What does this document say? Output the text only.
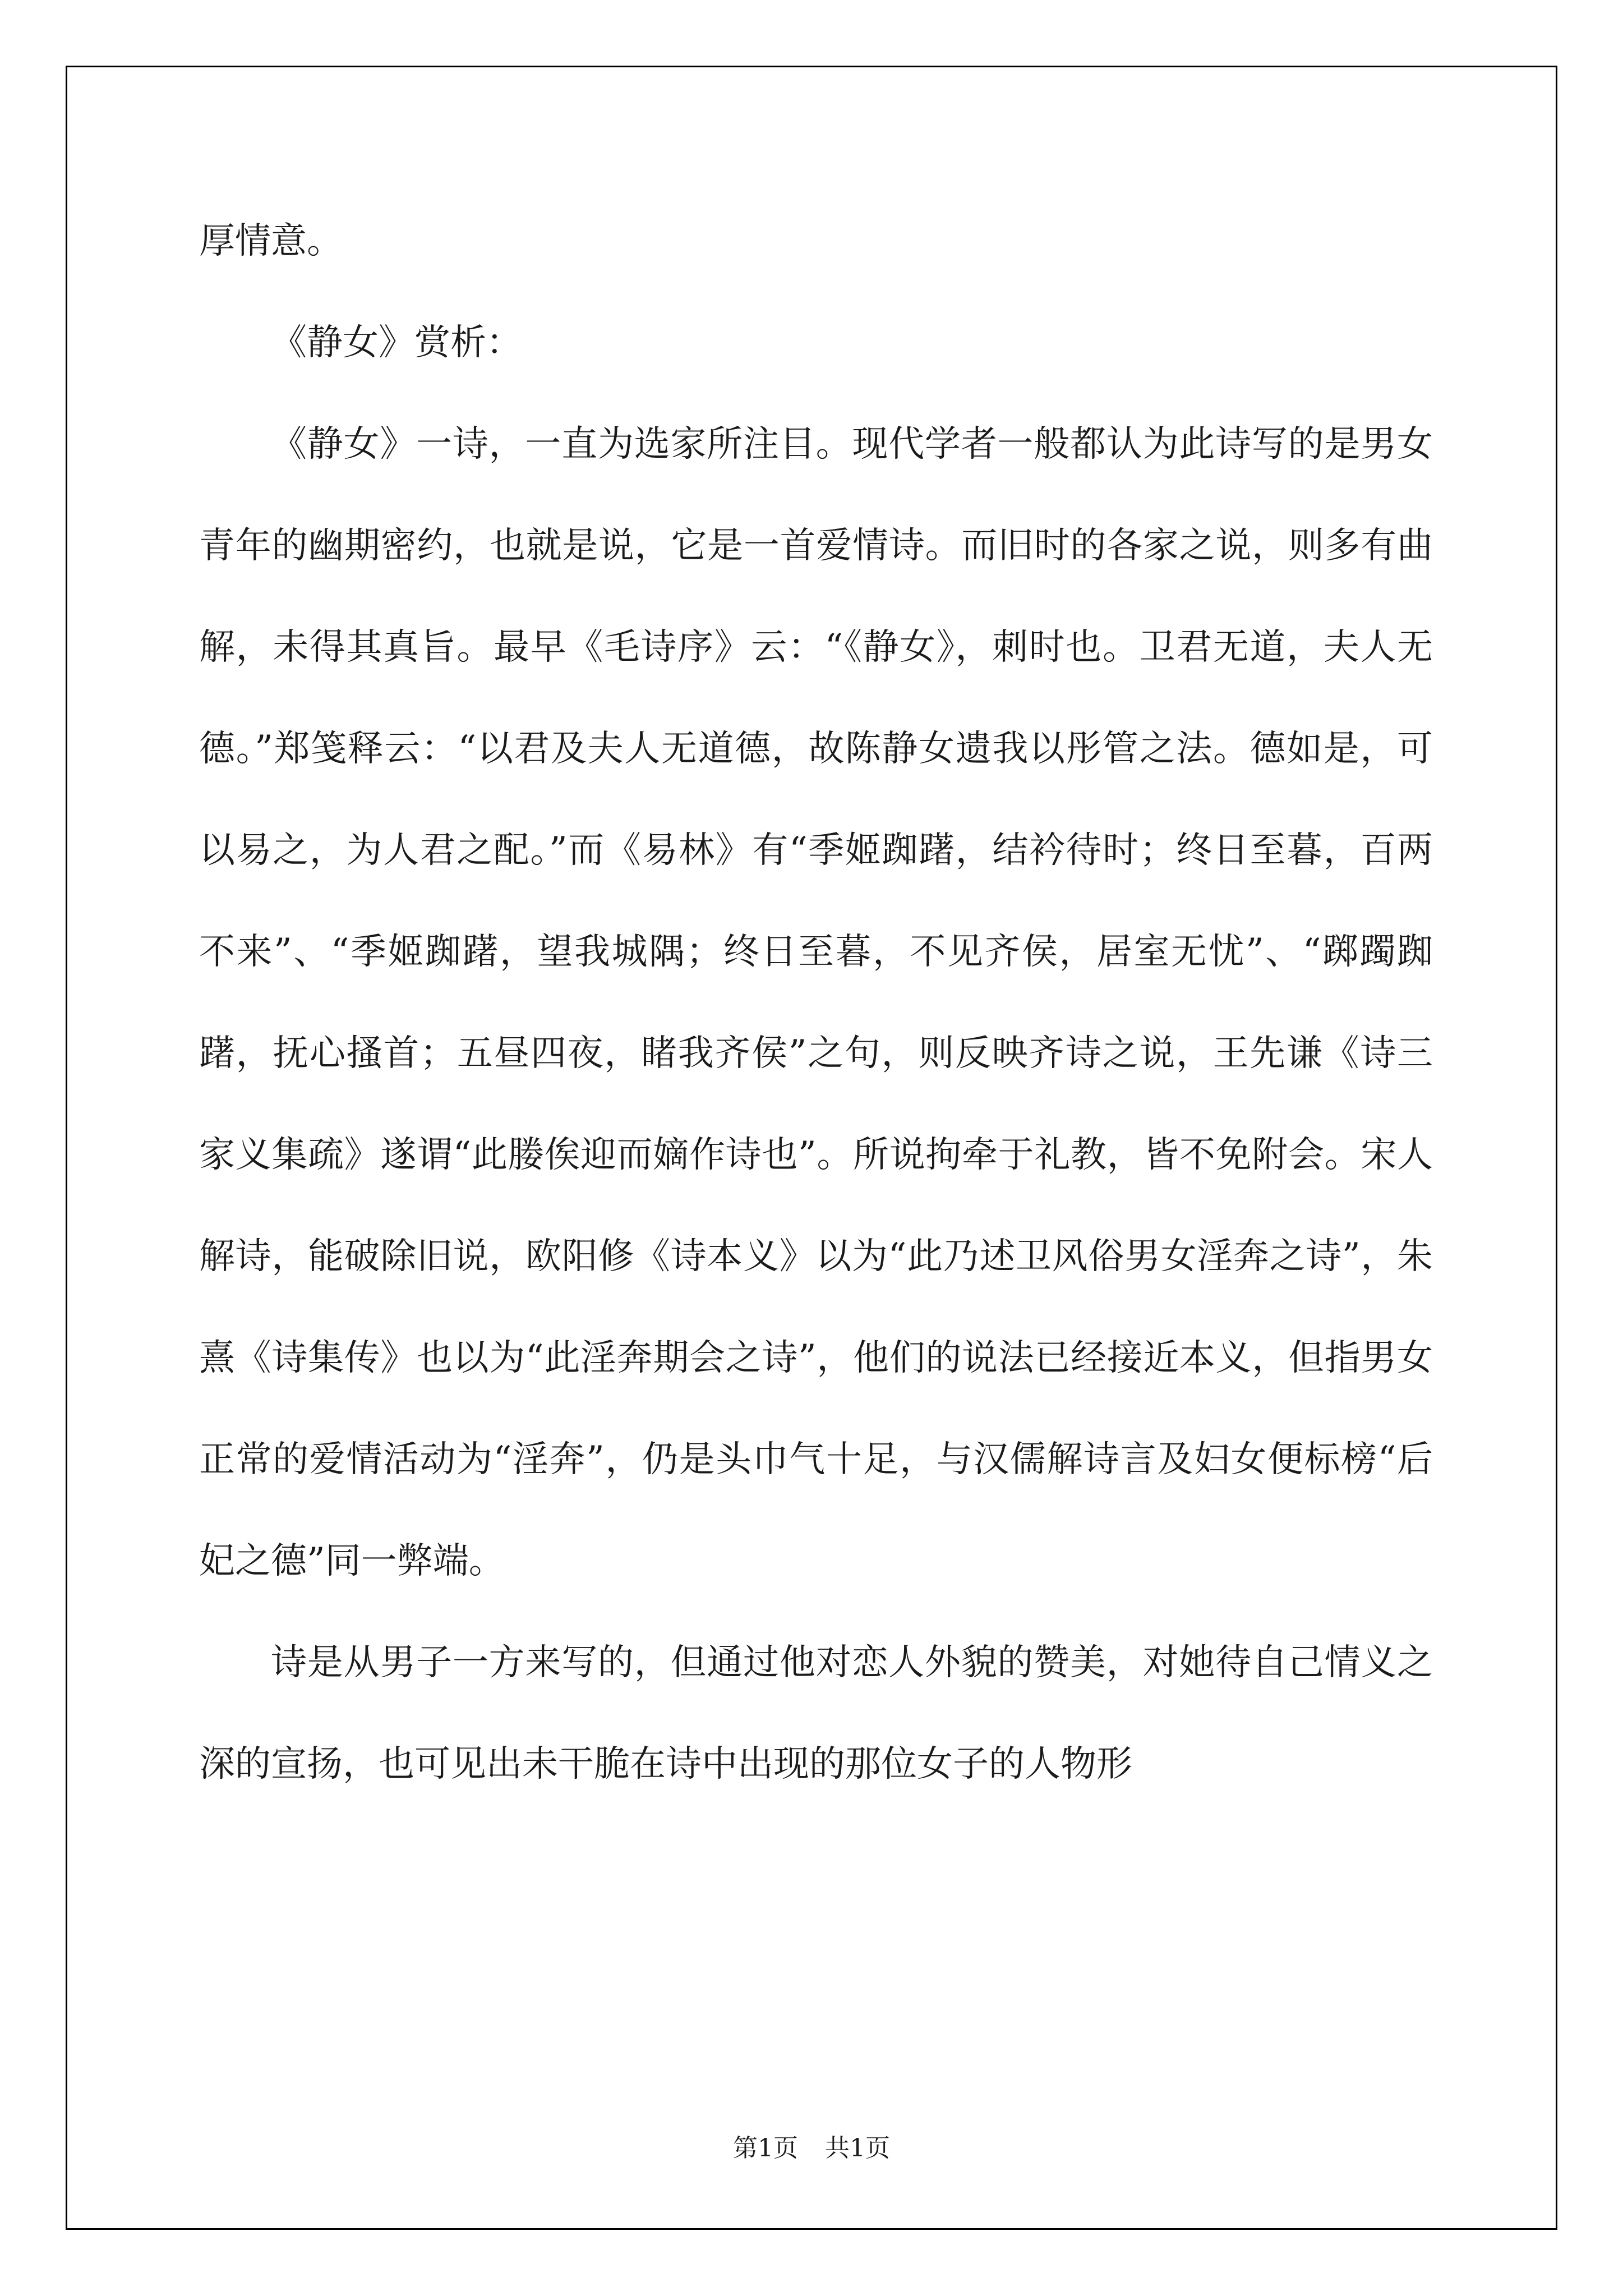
厚情意。

《静女》赏析：

《静女》一诗，一直为选家所注目。现代学者一般都认为此诗写的是男女青年的幽期密约，也就是说，它是一首爱情诗。而旧时的各家之说，则多有曲解，未得其真旨。最早《毛诗序》云：“《静女》，刺时也。卫君无道，夫人无德。”郑笺释云：“以君及夫人无道德，故陈静女遗我以彤管之法。德如是，可以易之，为人君之配。”而《易林》有“季姬踟躇，结衿待时；终日至暮，百两不来”、“季姬踟躇，望我城隅；终日至暮，不见齐侯，居室无忧”、“踯躅踟躇，抚心搔首；五昼四夜，睹我齐侯”之句，则反映齐诗之说，王先谦《诗三家义集疏》遂谓“此媵俟迎而嫡作诗也”。所说拘牵于礼教，皆不免附会。宋人解诗，能破除旧说，欧阳修《诗本义》以为“此乃述卫风俗男女淫奔之诗”，朱熹《诗集传》也以为“此淫奔期会之诗”，他们的说法已经接近本义，但指男女正常的爱情活动为“淫奔”，仍是头巾气十足，与汉儒解诗言及妇女便标榜“后妃之德”同一弊端。

诗是从男子一方来写的，但通过他对恋人外貌的赞美，对她待自己情义之深的宣扬，也可见出未干脆在诗中出现的那位女子的人物形

第1页 共1页
